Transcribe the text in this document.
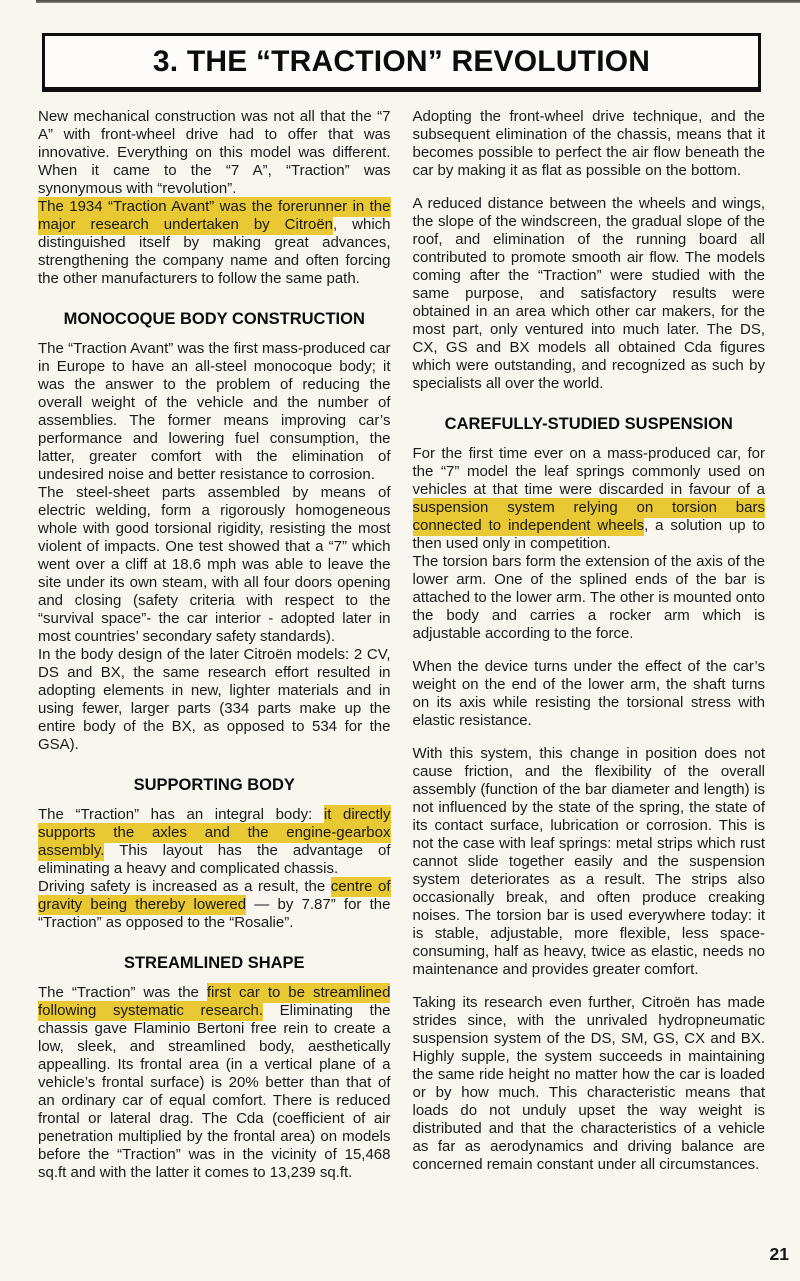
3. THE “TRACTION” REVOLUTION

New mechanical construction was not all that the “7 A” with front-wheel drive had to offer that was innovative. Everything on this model was different. When it came to the “7 A”, “Traction” was synonymous with “revolution”.

The 1934 “Traction Avant” was the forerunner in the major research undertaken by Citroën, which distinguished itself by making great advances, strengthening the company name and often forcing the other manufacturers to follow the same path.

MONOCOQUE BODY CONSTRUCTION

The “Traction Avant” was the first mass-produced car in Europe to have an all-steel monocoque body; it was the answer to the problem of reducing the overall weight of the vehicle and the number of assemblies. The former means improving car’s performance and lowering fuel consumption, the latter, greater comfort with the elimination of undesired noise and better resistance to corrosion.

The steel-sheet parts assembled by means of electric welding, form a rigorously homogeneous whole with good torsional rigidity, resisting the most violent of impacts. One test showed that a “7” which went over a cliff at 18.6 mph was able to leave the site under its own steam, with all four doors opening and closing (safety criteria with respect to the “survival space”- the car interior - adopted later in most countries’ secondary safety standards).

In the body design of the later Citroën models: 2 CV, DS and BX, the same research effort resulted in adopting elements in new, lighter materials and in using fewer, larger parts (334 parts make up the entire body of the BX, as opposed to 534 for the GSA).

SUPPORTING BODY

The “Traction” has an integral body: it directly supports the axles and the engine-gearbox assembly. This layout has the advantage of eliminating a heavy and complicated chassis.

Driving safety is increased as a result, the centre of gravity being thereby lowered — by 7.87” for the “Traction” as opposed to the “Rosalie”.

STREAMLINED SHAPE

The “Traction” was the first car to be streamlined following systematic research. Eliminating the chassis gave Flaminio Bertoni free rein to create a low, sleek, and streamlined body, aesthetically appealling. Its frontal area (in a vertical plane of a vehicle’s frontal surface) is 20% better than that of an ordinary car of equal comfort. There is reduced frontal or lateral drag. The Cda (coefficient of air penetration multiplied by the frontal area) on models before the “Traction” was in the vicinity of 15,468 sq.ft and with the latter it comes to 13,239 sq.ft.

Adopting the front-wheel drive technique, and the subsequent elimination of the chassis, means that it becomes possible to perfect the air flow beneath the car by making it as flat as possible on the bottom.

A reduced distance between the wheels and wings, the slope of the windscreen, the gradual slope of the roof, and elimination of the running board all contributed to promote smooth air flow. The models coming after the “Traction” were studied with the same purpose, and satisfactory results were obtained in an area which other car makers, for the most part, only ventured into much later. The DS, CX, GS and BX models all obtained Cda figures which were outstanding, and recognized as such by specialists all over the world.

CAREFULLY-STUDIED SUSPENSION

For the first time ever on a mass-produced car, for the “7” model the leaf springs commonly used on vehicles at that time were discarded in favour of a suspension system relying on torsion bars connected to independent wheels, a solution up to then used only in competition.

The torsion bars form the extension of the axis of the lower arm. One of the splined ends of the bar is attached to the lower arm. The other is mounted onto the body and carries a rocker arm which is adjustable according to the force.

When the device turns under the effect of the car’s weight on the end of the lower arm, the shaft turns on its axis while resisting the torsional stress with elastic resistance.

With this system, this change in position does not cause friction, and the flexibility of the overall assembly (function of the bar diameter and length) is not influenced by the state of the spring, the state of its contact surface, lubrication or corrosion. This is not the case with leaf springs: metal strips which rust cannot slide together easily and the suspension system deteriorates as a result. The strips also occasionally break, and often produce creaking noises. The torsion bar is used everywhere today: it is stable, adjustable, more flexible, less space-consuming, half as heavy, twice as elastic, needs no maintenance and provides greater comfort.

Taking its research even further, Citroën has made strides since, with the unrivaled hydropneumatic suspension system of the DS, SM, GS, CX and BX. Highly supple, the system succeeds in maintaining the same ride height no matter how the car is loaded or by how much. This characteristic means that loads do not unduly upset the way weight is distributed and that the characteristics of a vehicle as far as aerodynamics and driving balance are concerned remain constant under all circumstances.

21
